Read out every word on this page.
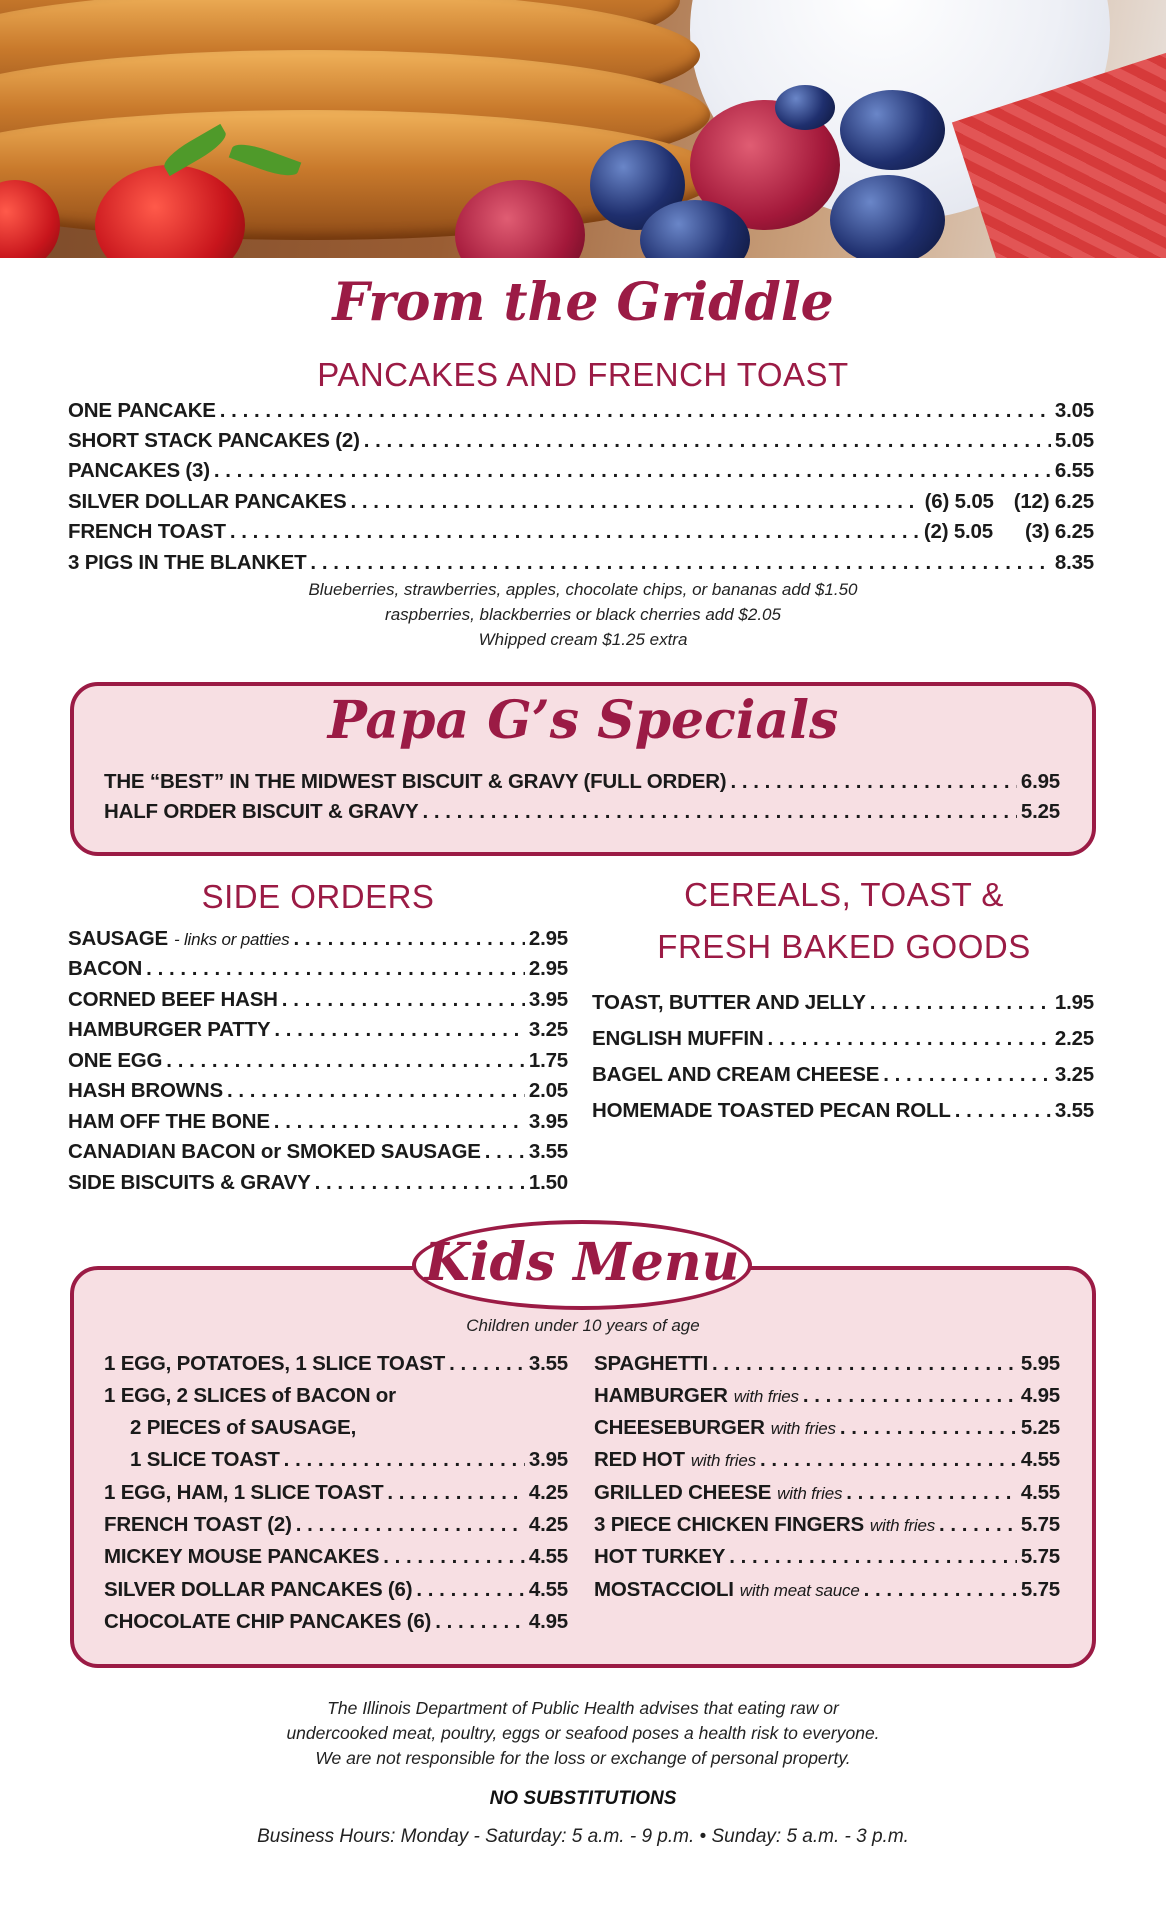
From the Griddle
PANCAKES AND FRENCH TOAST
ONE PANCAKE . . .	3.05
SHORT STACK PANCAKES (2) . . .	5.05
PANCAKES (3) . . .	6.55
SILVER DOLLAR PANCAKES . . .	(6) 5.05 (12) 6.25
FRENCH TOAST . . .	(2) 5.05 (3) 6.25
3 PIGS IN THE BLANKET . . .	8.35
Blueberries, strawberries, apples, chocolate chips, or bananas add $1.50
raspberries, blackberries or black cherries add $2.05
Whipped cream $1.25 extra
Papa G’s Specials
THE “BEST” IN THE MIDWEST BISCUIT & GRAVY (FULL ORDER) . . .	6.95
HALF ORDER BISCUIT & GRAVY . . .	5.25
SIDE ORDERS
SAUSAGE - links or patties . . .	2.95
BACON . . .	2.95
CORNED BEEF HASH . . .	3.95
HAMBURGER PATTY . . .	3.25
ONE EGG . . .	1.75
HASH BROWNS . . .	2.05
HAM OFF THE BONE . . .	3.95
CANADIAN BACON or SMOKED SAUSAGE . . . 3.55
SIDE BISCUITS & GRAVY . . .	1.50
CEREALS, TOAST &
FRESH BAKED GOODS
TOAST, BUTTER AND JELLY . . .	1.95
ENGLISH MUFFIN . . .	2.25
BAGEL AND CREAM CHEESE . . .	3.25
HOMEMADE TOASTED PECAN ROLL . . .	3.55
Kids Menu
Children under 10 years of age
1 EGG, POTATOES, 1 SLICE TOAST . . .	3.55
1 EGG, 2 SLICES of BACON or
2 PIECES of SAUSAGE,
1 SLICE TOAST . . .	3.95
1 EGG, HAM, 1 SLICE TOAST . . .	4.25
FRENCH TOAST (2) . . .	4.25
MICKEY MOUSE PANCAKES . . .	4.55
SILVER DOLLAR PANCAKES (6) . . .	4.55
CHOCOLATE CHIP PANCAKES (6) . . .	4.95
SPAGHETTI . . .	5.95
HAMBURGER with fries . . .	4.95
CHEESEBURGER with fries . . .	5.25
RED HOT with fries . . .	4.55
GRILLED CHEESE with fries . . .	4.55
3 PIECE CHICKEN FINGERS with fries . . .	5.75
HOT TURKEY . . .	5.75
MOSTACCIOLI with meat sauce . . .	5.75
The Illinois Department of Public Health advises that eating raw or
undercooked meat, poultry, eggs or seafood poses a health risk to everyone.
We are not responsible for the loss or exchange of personal property.
NO SUBSTITUTIONS
Business Hours: Monday - Saturday: 5 a.m. - 9 p.m. • Sunday: 5 a.m. - 3 p.m.
